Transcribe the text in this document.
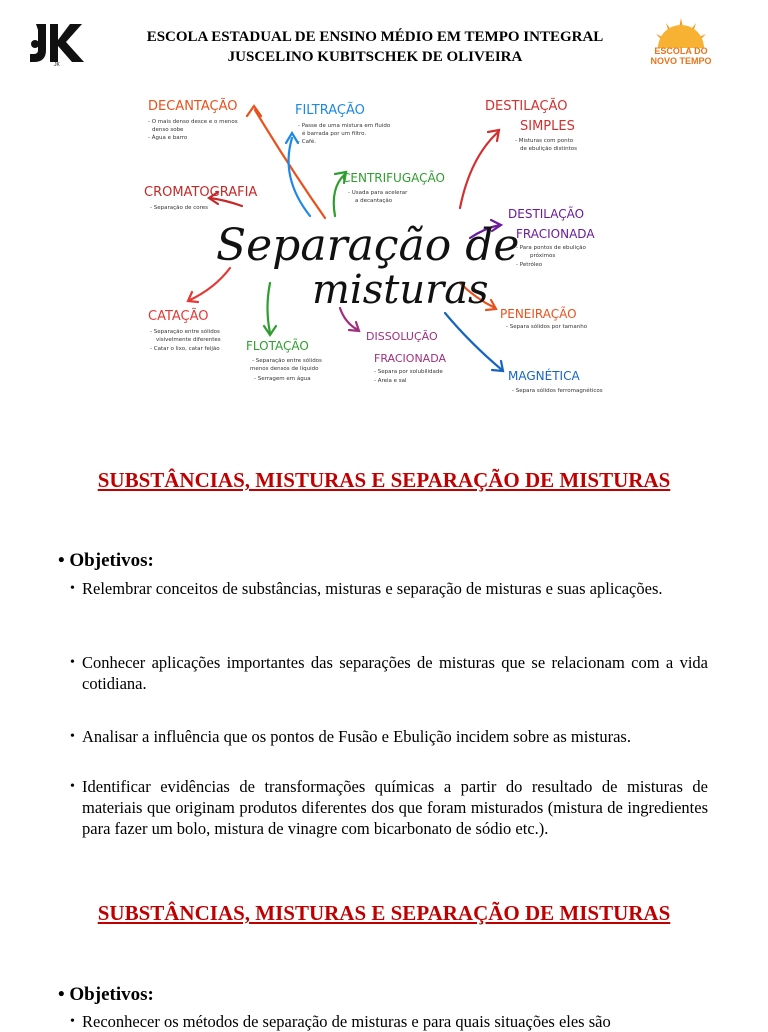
JK
ESCOLA ESTADUAL DE ENSINO MÉDIO EM TEMPO INTEGRAL
JUSCELINO KUBITSCHEK DE OLIVEIRA	ESCOLA DO
NOVO TEMPO
Separação de
misturas
DECANTAÇÃO
- O mais denso desce e o menos
denso sobe
- Água e barro
FILTRAÇÃO
- Passe de uma mistura em fluido
é barrada por um filtro.
- Café.
DESTILAÇÃO
SIMPLES
- Misturas com ponto
de ebulição distintos
CENTRIFUGAÇÃO
- Usada para acelerar
a decantação
CROMATOGRAFIA
- Separação de cores	DESTILAÇÃO
FRACIONADA
- Para pontos de ebulição
próximos
- Petróleo
CATAÇÃO
- Separação entre sólidos
visivelmente diferentes
- Catar o lixo, catar feijão FLOTAÇÃO
- Separação entre sólidos
menos densos de líquido
- Serragem em água
DISSOLUÇÃO
FRACIONADA
- Separa por solubilidade
- Areia e sal
PENEIRAÇÃO
- Separa sólidos por tamanho
MAGNÉTICA
- Separa sólidos ferromagnéticos
SUBSTÂNCIAS, MISTURAS E SEPARAÇÃO DE MISTURAS
• Objetivos:
• Relembrar conceitos de substâncias, misturas e separação de misturas e suas aplicações.
• Conhecer aplicações importantes das separações de misturas que se relacionam com a vida cotidiana.
• Analisar a influência que os pontos de Fusão e Ebulição incidem sobre as misturas.
• Identificar evidências de transformações químicas a partir do resultado de misturas de materiais que originam produtos diferentes dos que foram misturados (mistura de ingredientes para fazer um bolo, mistura de vinagre com bicarbonato de sódio etc.).
SUBSTÂNCIAS, MISTURAS E SEPARAÇÃO DE MISTURAS
• Objetivos:
• Reconhecer os métodos de separação de misturas e para quais situações eles são
